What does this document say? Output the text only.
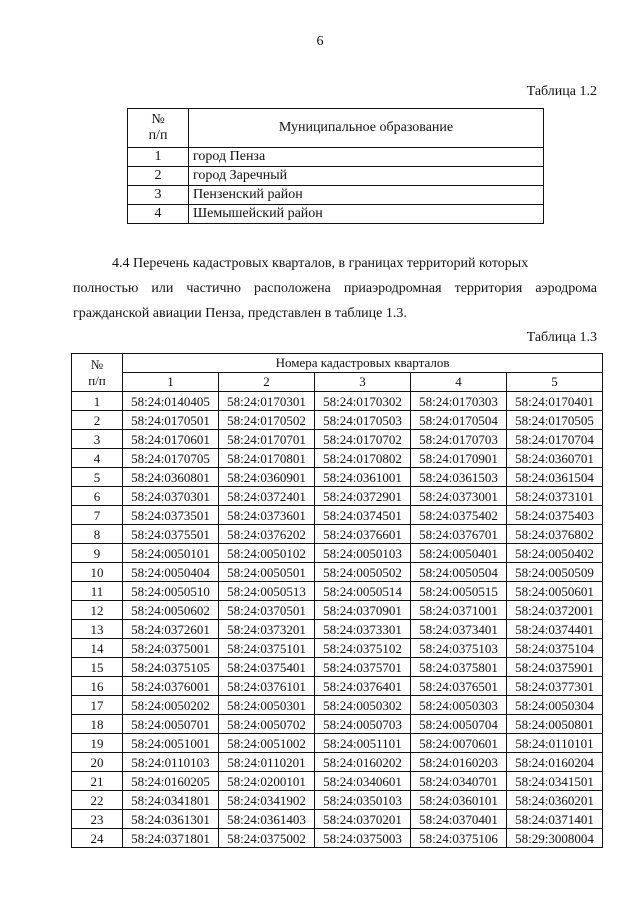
6
Таблица 1.2
№
п/п	Муниципальное образование
1	город Пенза
2	город Заречный
3	Пензенский район
4	Шемышейский район
4.4 Перечень кадастровых кварталов, в границах территорий которых
полностью или частично расположена приаэродромная территория аэродрома
гражданской авиации Пенза, представлен в таблице 1.3.
Таблица 1.3
№
п/п	Номера кадастровых кварталов				
	1	2	3	4	5
1	58:24:0140405	58:24:0170301	58:24:0170302	58:24:0170303	58:24:0170401
2	58:24:0170501	58:24:0170502	58:24:0170503	58:24:0170504	58:24:0170505
3	58:24:0170601	58:24:0170701	58:24:0170702	58:24:0170703	58:24:0170704
4	58:24:0170705	58:24:0170801	58:24:0170802	58:24:0170901	58:24:0360701
5	58:24:0360801	58:24:0360901	58:24:0361001	58:24:0361503	58:24:0361504
6	58:24:0370301	58:24:0372401	58:24:0372901	58:24:0373001	58:24:0373101
7	58:24:0373501	58:24:0373601	58:24:0374501	58:24:0375402	58:24:0375403
8	58:24:0375501	58:24:0376202	58:24:0376601	58:24:0376701	58:24:0376802
9	58:24:0050101	58:24:0050102	58:24:0050103	58:24:0050401	58:24:0050402
10	58:24:0050404	58:24:0050501	58:24:0050502	58:24:0050504	58:24:0050509
11	58:24:0050510	58:24:0050513	58:24:0050514	58:24:0050515	58:24:0050601
12	58:24:0050602	58:24:0370501	58:24:0370901	58:24:0371001	58:24:0372001
13	58:24:0372601	58:24:0373201	58:24:0373301	58:24:0373401	58:24:0374401
14	58:24:0375001	58:24:0375101	58:24:0375102	58:24:0375103	58:24:0375104
15	58:24:0375105	58:24:0375401	58:24:0375701	58:24:0375801	58:24:0375901
16	58:24:0376001	58:24:0376101	58:24:0376401	58:24:0376501	58:24:0377301
17	58:24:0050202	58:24:0050301	58:24:0050302	58:24:0050303	58:24:0050304
18	58:24:0050701	58:24:0050702	58:24:0050703	58:24:0050704	58:24:0050801
19	58:24:0051001	58:24:0051002	58:24:0051101	58:24:0070601	58:24:0110101
20	58:24:0110103	58:24:0110201	58:24:0160202	58:24:0160203	58:24:0160204
21	58:24:0160205	58:24:0200101	58:24:0340601	58:24:0340701	58:24:0341501
22	58:24:0341801	58:24:0341902	58:24:0350103	58:24:0360101	58:24:0360201
23	58:24:0361301	58:24:0361403	58:24:0370201	58:24:0370401	58:24:0371401
24	58:24:0371801	58:24:0375002	58:24:0375003	58:24:0375106	58:29:3008004
